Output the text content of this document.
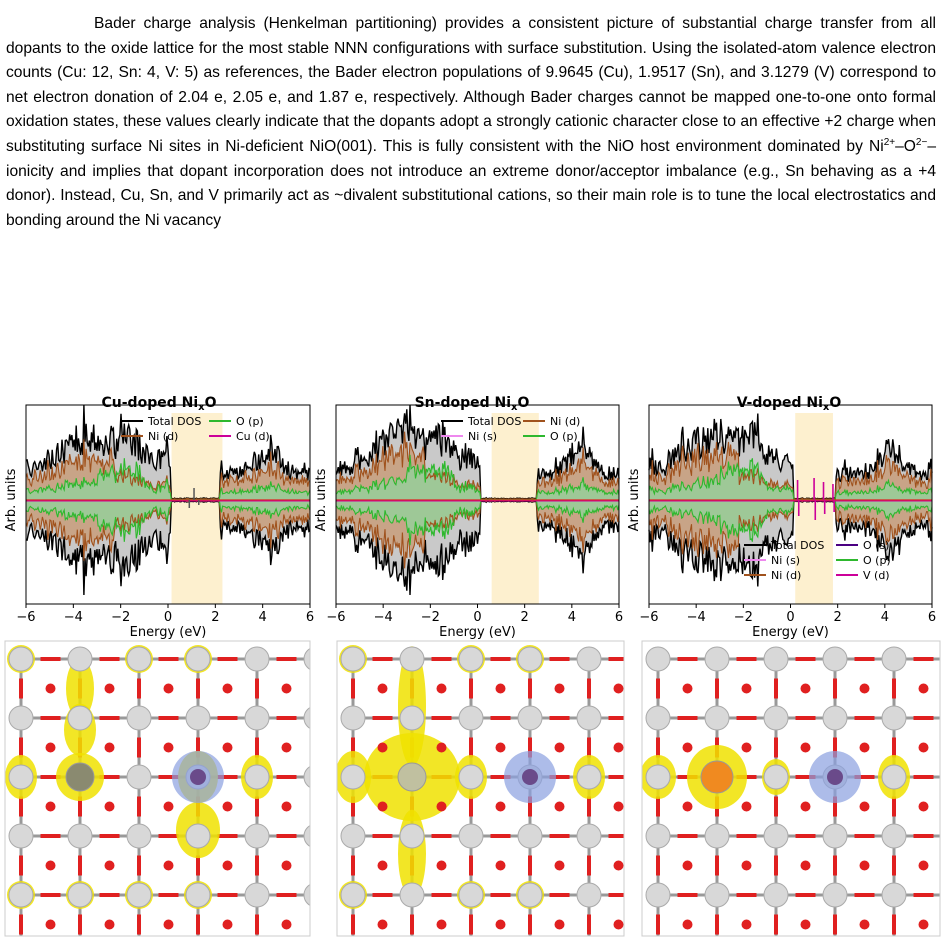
Bader charge analysis (Henkelman partitioning) provides a consistent picture of substantial charge transfer from all dopants to the oxide lattice for the most stable NNN configurations with surface substitution. Using the isolated-atom valence electron counts (Cu: 12, Sn: 4, V: 5) as references, the Bader electron populations of 9.9645 (Cu), 1.9517 (Sn), and 3.1279 (V) correspond to net electron donation of 2.04 e, 2.05 e, and 1.87 e, respectively. Although Bader charges cannot be mapped one-to-one onto formal oxidation states, these values clearly indicate that the dopants adopt a strongly cationic character close to an effective +2 charge when substituting surface Ni sites in Ni-deficient NiO(001). This is fully consistent with the NiO host environment dominated by $Ni^{2+}-O^{2-}-$ ionicity and implies that dopant incorporation does not introduce an extreme donor/acceptor imbalance (e.g., Sn behaving as a +4 donor). Instead, Cu, Sn, and V primarily act as ~divalent substitutional cations, so their main role is to tune the local electrostatics and bonding around the Ni vacancy

Cu-doped $Ni_xO$
−6 −4 −2	0	2	4	6
Energy (eV)
Arb. units
Total DOS	O (p)
Ni (d)	Cu (d)
Sn-doped $Ni_xO$
−6 −4 −2	0	2	4	6
Energy (eV)
Arb. units
Total DOS	Ni (d)
Ni (s)	O (p)
V-doped $Ni_xO$
−6 −4 −2	0	2	4	6
Energy (eV)
Arb. units
Total DOS	O (s)
Ni (s)	O (p)
Ni (d)	V (d)
